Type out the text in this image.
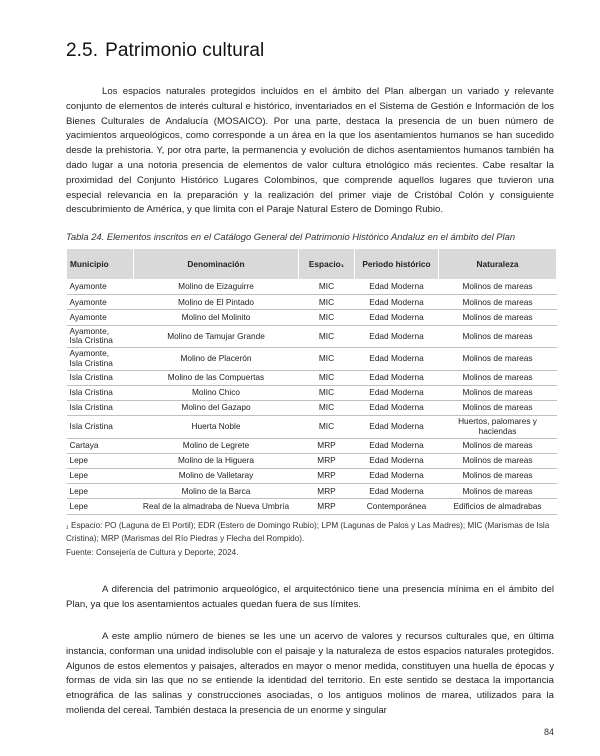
2.5. Patrimonio cultural

Los espacios naturales protegidos incluidos en el ámbito del Plan albergan un variado y relevante conjunto de elementos de interés cultural e histórico, inventariados en el Sistema de Gestión e Información de los Bienes Culturales de Andalucía (MOSAICO). Por una parte, destaca la presencia de un buen número de yacimientos arqueológicos, como corresponde a un área en la que los asentamientos humanos se han sucedido desde la prehistoria. Y, por otra parte, la permanencia y evolución de dichos asentamientos humanos también ha dado lugar a una notoria presencia de elementos de valor cultura etnológico más recientes. Cabe resaltar la proximidad del Conjunto Histórico Lugares Colombinos, que comprende aquellos lugares que tuvieron una especial relevancia en la preparación y la realización del primer viaje de Cristóbal Colón y consiguiente descubrimiento de América, y que limita con el Paraje Natural Estero de Domingo Rubio.

Tabla 24. Elementos inscritos en el Catálogo General del Patrimonio Histórico Andaluz en el ámbito del Plan
Municipio	Denominación	Espacio₁	Periodo histórico	Naturaleza
Ayamonte	Molino de Eizaguirre	MIC	Edad Moderna	Molinos de mareas
Ayamonte	Molino de El Pintado	MIC	Edad Moderna	Molinos de mareas
Ayamonte	Molino del Molinito	MIC	Edad Moderna	Molinos de mareas
Ayamonte,
Isla Cristina	Molino de Tamujar Grande	MIC	Edad Moderna	Molinos de mareas
Ayamonte,
Isla Cristina	Molino de Placerón	MIC	Edad Moderna	Molinos de mareas
Isla Cristina	Molino de las Compuertas	MIC	Edad Moderna	Molinos de mareas
Isla Cristina	Molino Chico	MIC	Edad Moderna	Molinos de mareas
Isla Cristina	Molino del Gazapo	MIC	Edad Moderna	Molinos de mareas
Isla Cristina	Huerta Noble	MIC	Edad Moderna	Huertos, palomares y
haciendas
Cartaya	Molino de Legrete	MRP	Edad Moderna	Molinos de mareas
Lepe	Molino de la Higuera	MRP	Edad Moderna	Molinos de mareas
Lepe	Molino de Valletaray	MRP	Edad Moderna	Molinos de mareas
Lepe	Molino de la Barca	MRP	Edad Moderna	Molinos de mareas
Lepe	Real de la almadraba de Nueva Umbría	MRP	Contemporánea	Edificios de almadrabas
₁ Espacio: PO (Laguna de El Portil); EDR (Estero de Domingo Rubio); LPM (Lagunas de Palos y Las Madres); MIC (Marismas de Isla Cristina); MRP (Marismas del Río Piedras y Flecha del Rompido).
Fuente: Consejería de Cultura y Deporte, 2024.

A diferencia del patrimonio arqueológico, el arquitectónico tiene una presencia mínima en el ámbito del Plan, ya que los asentamientos actuales quedan fuera de sus límites.

A este amplio número de bienes se les une un acervo de valores y recursos culturales que, en última instancia, conforman una unidad indisoluble con el paisaje y la naturaleza de estos espacios naturales protegidos. Algunos de estos elementos y paisajes, alterados en mayor o menor medida, constituyen una huella de épocas y formas de vida sin las que no se entiende la identidad del territorio. En este sentido se destaca la importancia etnográfica de las salinas y construcciones asociadas, o los antiguos molinos de marea, utilizados para la molienda del cereal. También destaca la presencia de un enorme y singular

84
